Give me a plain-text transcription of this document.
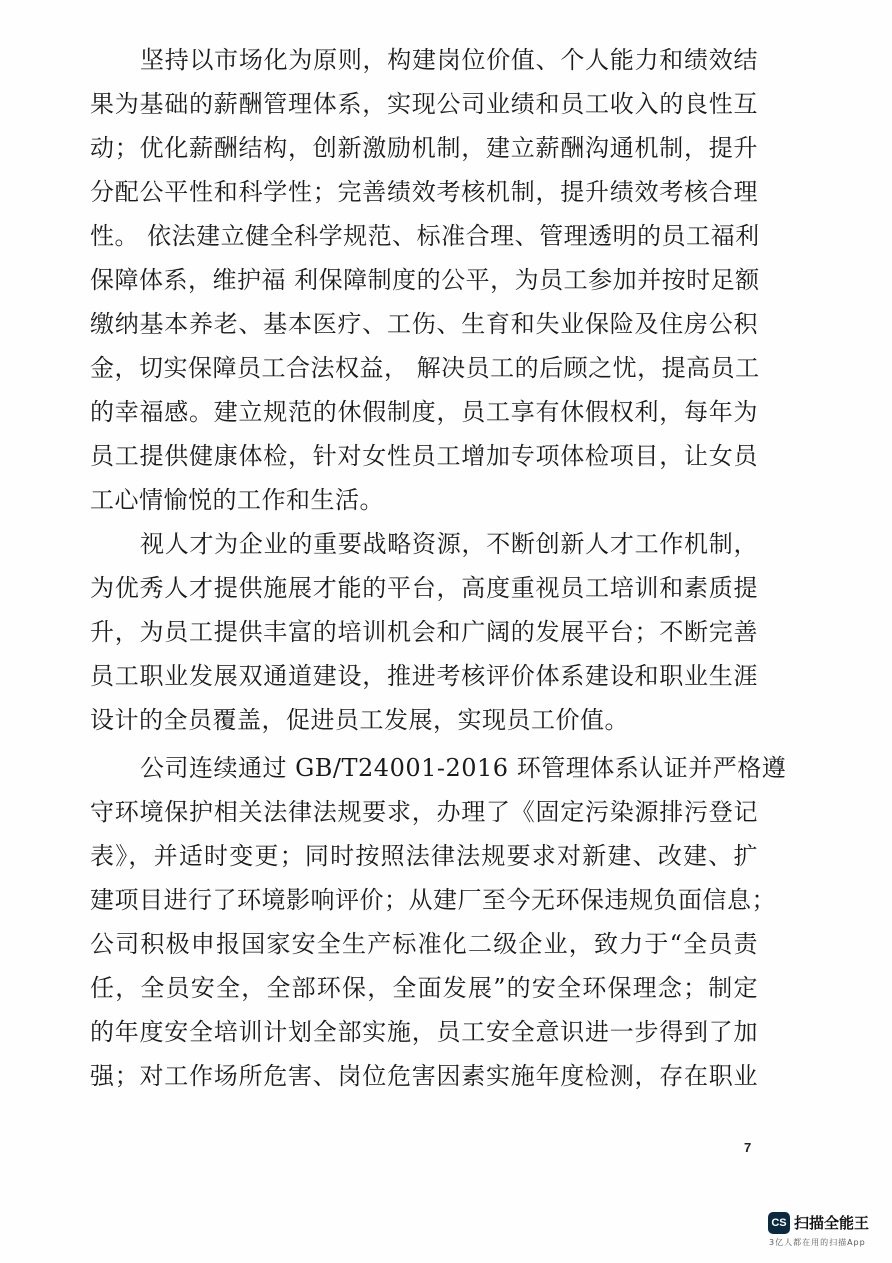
坚持以市场化为原则，构建岗位价值、个人能力和绩效结
果为基础的薪酬管理体系，实现公司业绩和员工收入的良性互
动；优化薪酬结构，创新激励机制，建立薪酬沟通机制，提升
分配公平性和科学性；完善绩效考核机制，提升绩效考核合理
性。 依法建立健全科学规范、标准合理、管理透明的员工福利
保障体系，维护福 利保障制度的公平，为员工参加并按时足额
缴纳基本养老、基本医疗、工伤、生育和失业保险及住房公积
金，切实保障员工合法权益， 解决员工的后顾之忧，提高员工
的幸福感。建立规范的休假制度，员工享有休假权利，每年为
员工提供健康体检，针对女性员工增加专项体检项目，让女员
工心情愉悦的工作和生活。
视人才为企业的重要战略资源，不断创新人才工作机制，
为优秀人才提供施展才能的平台，高度重视员工培训和素质提
升，为员工提供丰富的培训机会和广阔的发展平台；不断完善
员工职业发展双通道建设，推进考核评价体系建设和职业生涯
设计的全员覆盖，促进员工发展，实现员工价值。
公司连续通过 GB/T24001-2016 环管理体系认证并严格遵
守环境保护相关法律法规要求，办理了《固定污染源排污登记
表》，并适时变更；同时按照法律法规要求对新建、改建、扩
建项目进行了环境影响评价；从建厂至今无环保违规负面信息；
公司积极申报国家安全生产标准化二级企业，致力于“全员责
任，全员安全，全部环保，全面发展”的安全环保理念；制定
的年度安全培训计划全部实施，员工安全意识进一步得到了加
强；对工作场所危害、岗位危害因素实施年度检测，存在职业
7
CS 扫描全能王
3亿人都在用的扫描App
